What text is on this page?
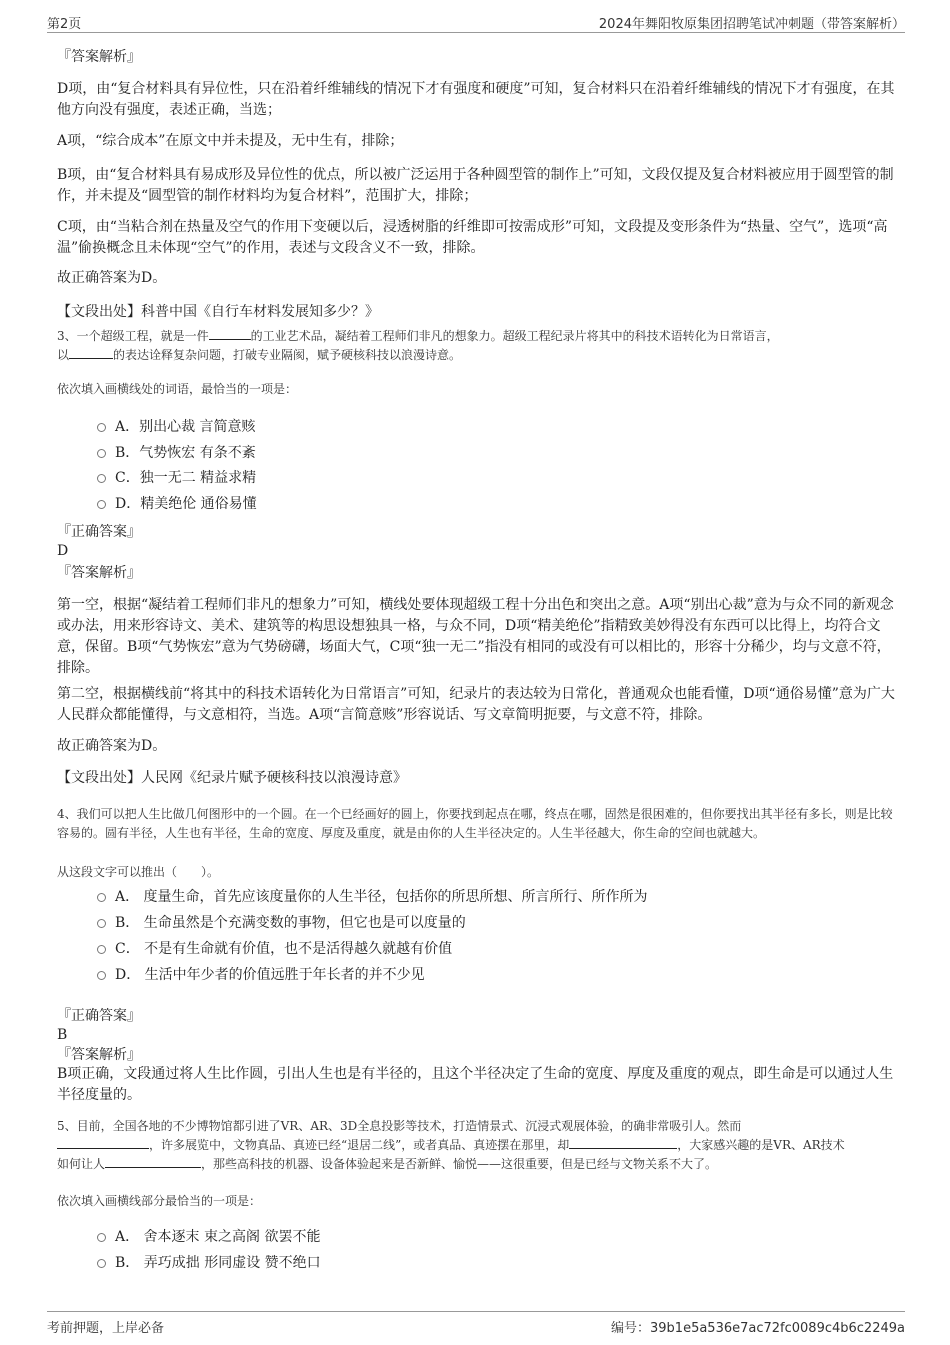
第2页	2024年舞阳牧原集团招聘笔试冲刺题（带答案解析）

『答案解析』

D项，由“复合材料具有异位性，只在沿着纤维辅线的情况下才有强度和硬度”可知，复合材料只在沿着纤维辅线的情况下才有强度，在其他方向没有强度，表述正确，当选；

A项，“综合成本”在原文中并未提及，无中生有，排除；

B项，由“复合材料具有易成形及异位性的优点，所以被广泛运用于各种圆型管的制作上”可知，文段仅提及复合材料被应用于圆型管的制作，并未提及“圆型管的制作材料均为复合材料”，范围扩大，排除；

C项，由“当粘合剂在热量及空气的作用下变硬以后，浸透树脂的纤维即可按需成形”可知，文段提及变形条件为“热量、空气”，选项“高温”偷换概念且未体现“空气”的作用，表述与文段含义不一致，排除。

故正确答案为D。

【文段出处】科普中国《自行车材料发展知多少？》

3、一个超级工程，就是一件	的工业艺术品，凝结着工程师们非凡的想象力。超级工程纪录片将其中的科技术语转化为日常语言，
以	的表达诠释复杂问题，打破专业隔阂，赋予硬核科技以浪漫诗意。

依次填入画横线处的词语，最恰当的一项是：

A．别出心裁 言简意赅
B．气势恢宏 有条不紊
C．独一无二 精益求精
D．精美绝伦 通俗易懂

『正确答案』

D

『答案解析』

第一空，根据“凝结着工程师们非凡的想象力”可知，横线处要体现超级工程十分出色和突出之意。A项“别出心裁”意为与众不同的新观念或办法，用来形容诗文、美术、建筑等的构思设想独具一格，与众不同，D项“精美绝伦”指精致美妙得没有东西可以比得上，均符合文意，保留。B项“气势恢宏”意为气势磅礴，场面大气，C项“独一无二”指没有相同的或没有可以相比的，形容十分稀少，均与文意不符，排除。

第二空，根据横线前“将其中的科技术语转化为日常语言”可知，纪录片的表达较为日常化，普通观众也能看懂，D项“通俗易懂”意为广大人民群众都能懂得，与文意相符，当选。A项“言简意赅”形容说话、写文章简明扼要，与文意不符，排除。

故正确答案为D。

【文段出处】人民网《纪录片赋予硬核科技以浪漫诗意》

4、我们可以把人生比做几何图形中的一个圆。在一个已经画好的圆上，你要找到起点在哪，终点在哪，固然是很困难的，但你要找出其半径有多长，则是比较容易的。圆有半径，人生也有半径，生命的宽度、厚度及重度，就是由你的人生半径决定的。人生半径越大，你生命的空间也就越大。

从这段文字可以推出（　　）。

A． 度量生命，首先应该度量你的人生半径，包括你的所思所想、所言所行、所作所为
B． 生命虽然是个充满变数的事物，但它也是可以度量的
C． 不是有生命就有价值，也不是活得越久就越有价值
D． 生活中年少者的价值远胜于年长者的并不少见

『正确答案』

B

『答案解析』

B项正确，文段通过将人生比作圆，引出人生也是有半径的，且这个半径决定了生命的宽度、厚度及重度的观点，即生命是可以通过人生半径度量的。

5、目前，全国各地的不少博物馆都引进了VR、AR、3D全息投影等技术，打造情景式、沉浸式观展体验，的确非常吸引人。然而
，许多展览中，文物真品、真迹已经“退居二线”，或者真品、真迹摆在那里，却	，大家感兴趣的是VR、AR技术
如何让人	，那些高科技的机器、设备体验起来是否新鲜、愉悦——这很重要，但是已经与文物关系不大了。

依次填入画横线部分最恰当的一项是：

A． 舍本逐末 束之高阁 欲罢不能
B． 弄巧成拙 形同虚设 赞不绝口
考前押题，上岸必备	编号：39b1e5a536e7ac72fc0089c4b6c2249a
